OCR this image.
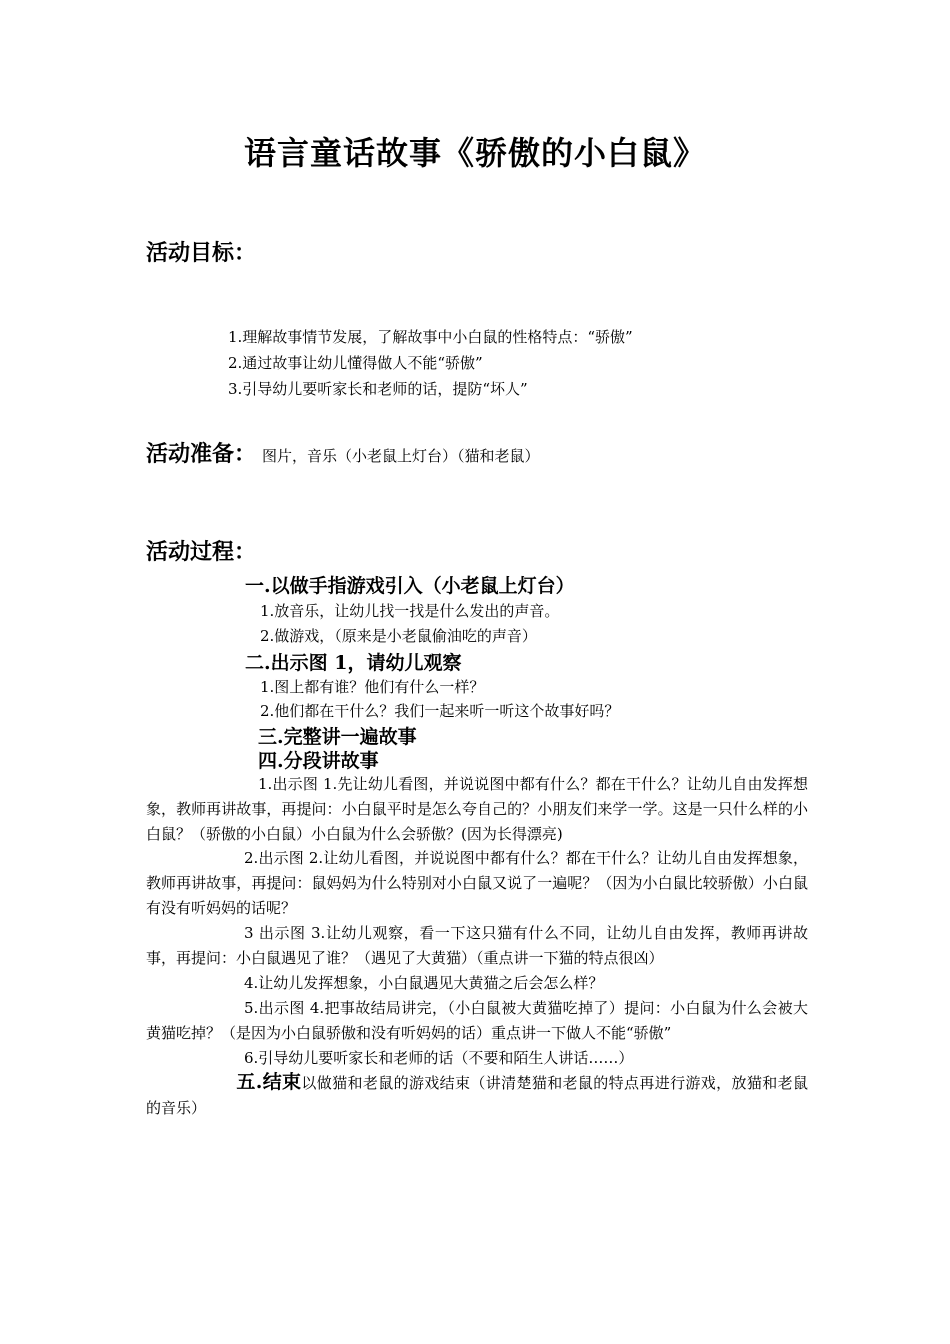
语言童话故事《骄傲的小白鼠》
活动目标：
1.理解故事情节发展，了解故事中小白鼠的性格特点：“骄傲”
2.通过故事让幼儿懂得做人不能“骄傲”
3.引导幼儿要听家长和老师的话，提防“坏人”
活动准备： 图片，音乐（小老鼠上灯台）（猫和老鼠）
活动过程：
一.以做手指游戏引入（小老鼠上灯台）
1.放音乐，让幼儿找一找是什么发出的声音。
2.做游戏，（原来是小老鼠偷油吃的声音）
二.出示图 1，请幼儿观察
1.图上都有谁？他们有什么一样？
2.他们都在干什么？我们一起来听一听这个故事好吗？
三.完整讲一遍故事
四.分段讲故事
1.出示图 1.先让幼儿看图，并说说图中都有什么？都在干什么？让幼儿自由发挥想象，教师再讲故事，再提问：小白鼠平时是怎么夸自己的？小朋友们来学一学。这是一只什么样的小白鼠？（骄傲的小白鼠）小白鼠为什么会骄傲？(因为长得漂亮)
2.出示图 2.让幼儿看图，并说说图中都有什么？都在干什么？让幼儿自由发挥想象，教师再讲故事，再提问：鼠妈妈为什么特别对小白鼠又说了一遍呢？（因为小白鼠比较骄傲）小白鼠有没有听妈妈的话呢？
3 出示图 3.让幼儿观察，看一下这只猫有什么不同，让幼儿自由发挥，教师再讲故事，再提问：小白鼠遇见了谁？（遇见了大黄猫）（重点讲一下猫的特点很凶）
4.让幼儿发挥想象，小白鼠遇见大黄猫之后会怎么样？
5.出示图 4.把事故结局讲完，（小白鼠被大黄猫吃掉了）提问：小白鼠为什么会被大黄猫吃掉？（是因为小白鼠骄傲和没有听妈妈的话）重点讲一下做人不能“骄傲”
6.引导幼儿要听家长和老师的话（不要和陌生人讲话……）
五.结束以做猫和老鼠的游戏结束（讲清楚猫和老鼠的特点再进行游戏，放猫和老鼠的音乐）
